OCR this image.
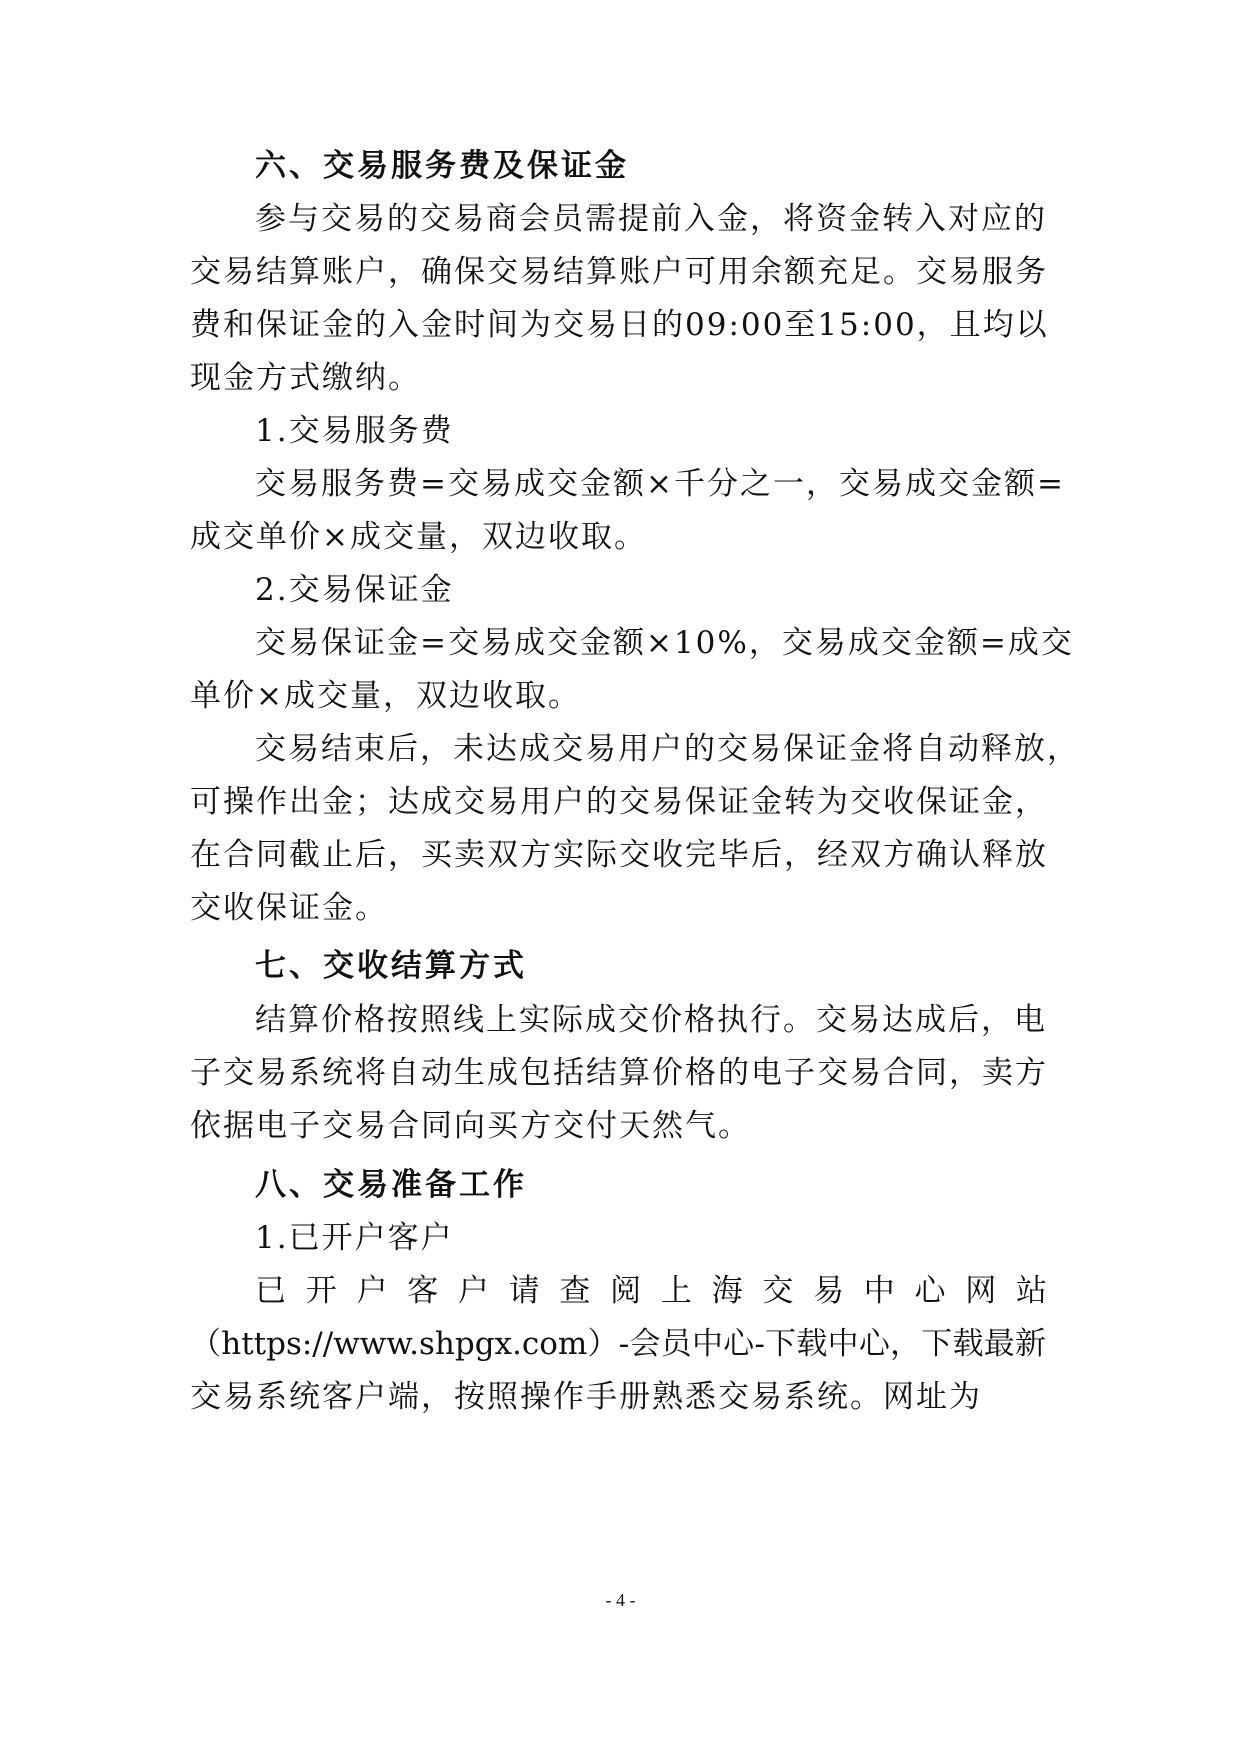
六、交易服务费及保证金
参与交易的交易商会员需提前入金，将资金转入对应的
交易结算账户，确保交易结算账户可用余额充足。交易服务
费和保证金的入金时间为交易日的09:00至15:00，且均以
现金方式缴纳。
1.交易服务费
交易服务费=交易成交金额×千分之一，交易成交金额=
成交单价×成交量，双边收取。
2.交易保证金
交易保证金=交易成交金额×10%，交易成交金额=成交
单价×成交量，双边收取。
交易结束后，未达成交易用户的交易保证金将自动释放，
可操作出金；达成交易用户的交易保证金转为交收保证金，
在合同截止后，买卖双方实际交收完毕后，经双方确认释放
交收保证金。
七、交收结算方式
结算价格按照线上实际成交价格执行。交易达成后，电
子交易系统将自动生成包括结算价格的电子交易合同，卖方
依据电子交易合同向买方交付天然气。
八、交易准备工作
1.已开户客户
已开户客户请查阅上海交易中心网站
（https://www.shpgx.com）-会员中心-下载中心，下载最新
交易系统客户端，按照操作手册熟悉交易系统。网址为
- 4 -
